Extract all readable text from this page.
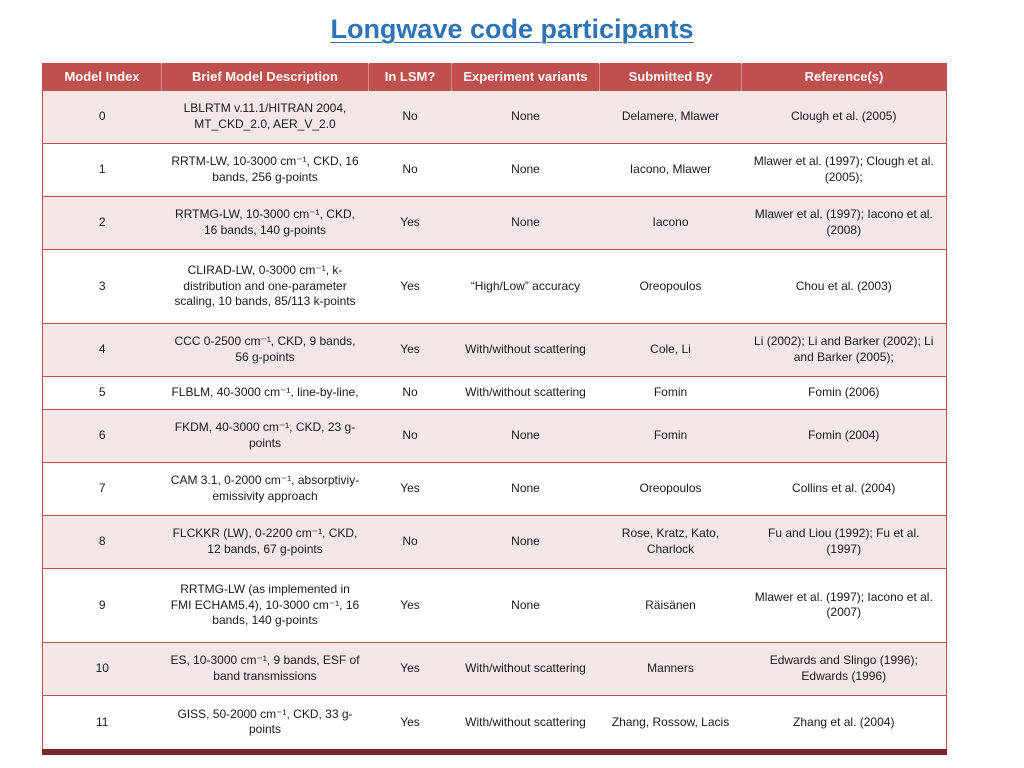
Longwave code participants
Model Index	Brief Model Description	In LSM?	Experiment variants	Submitted By	Reference(s)
0	LBLRTM v.11.1/HITRAN 2004, MT_CKD_2.0, AER_V_2.0	No	None	Delamere, Mlawer	Clough et al. (2005)
1	RRTM-LW, 10-3000 cm⁻¹, CKD, 16 bands, 256 g-points	No	None	Iacono, Mlawer	Mlawer et al. (1997); Clough et al. (2005);
2	RRTMG-LW, 10-3000 cm⁻¹, CKD, 16 bands, 140 g-points	Yes	None	Iacono	Mlawer et al. (1997); Iacono et al. (2008)
3	CLIRAD-LW, 0-3000 cm⁻¹, k-distribution and one-parameter scaling, 10 bands, 85/113 k-points	Yes	“High/Low” accuracy	Oreopoulos	Chou et al. (2003)
4	CCC 0-2500 cm⁻¹, CKD, 9 bands, 56 g-points	Yes	With/without scattering	Cole, Li	Li (2002); Li and Barker (2002); Li and Barker (2005);
5	FLBLM, 40-3000 cm⁻¹, line-by-line,	No	With/without scattering	Fomin	Fomin (2006)
6	FKDM, 40-3000 cm⁻¹, CKD, 23 g-points	No	None	Fomin	Fomin (2004)
7	CAM 3.1, 0-2000 cm⁻¹, absorptiviy-emissivity approach	Yes	None	Oreopoulos	Collins et al. (2004)
8	FLCKKR (LW), 0-2200 cm⁻¹, CKD, 12 bands, 67 g-points	No	None	Rose, Kratz, Kato, Charlock	Fu and Liou (1992); Fu et al. (1997)
9	RRTMG-LW (as implemented in FMI ECHAM5.4), 10-3000 cm⁻¹, 16 bands, 140 g-points	Yes	None	Räisänen	Mlawer et al. (1997); Iacono et al. (2007)
10	ES, 10-3000 cm⁻¹, 9 bands, ESF of band transmissions	Yes	With/without scattering	Manners	Edwards and Slingo (1996); Edwards (1996)
11	GISS, 50-2000 cm⁻¹, CKD, 33 g-points	Yes	With/without scattering	Zhang, Rossow, Lacis	Zhang et al. (2004)
